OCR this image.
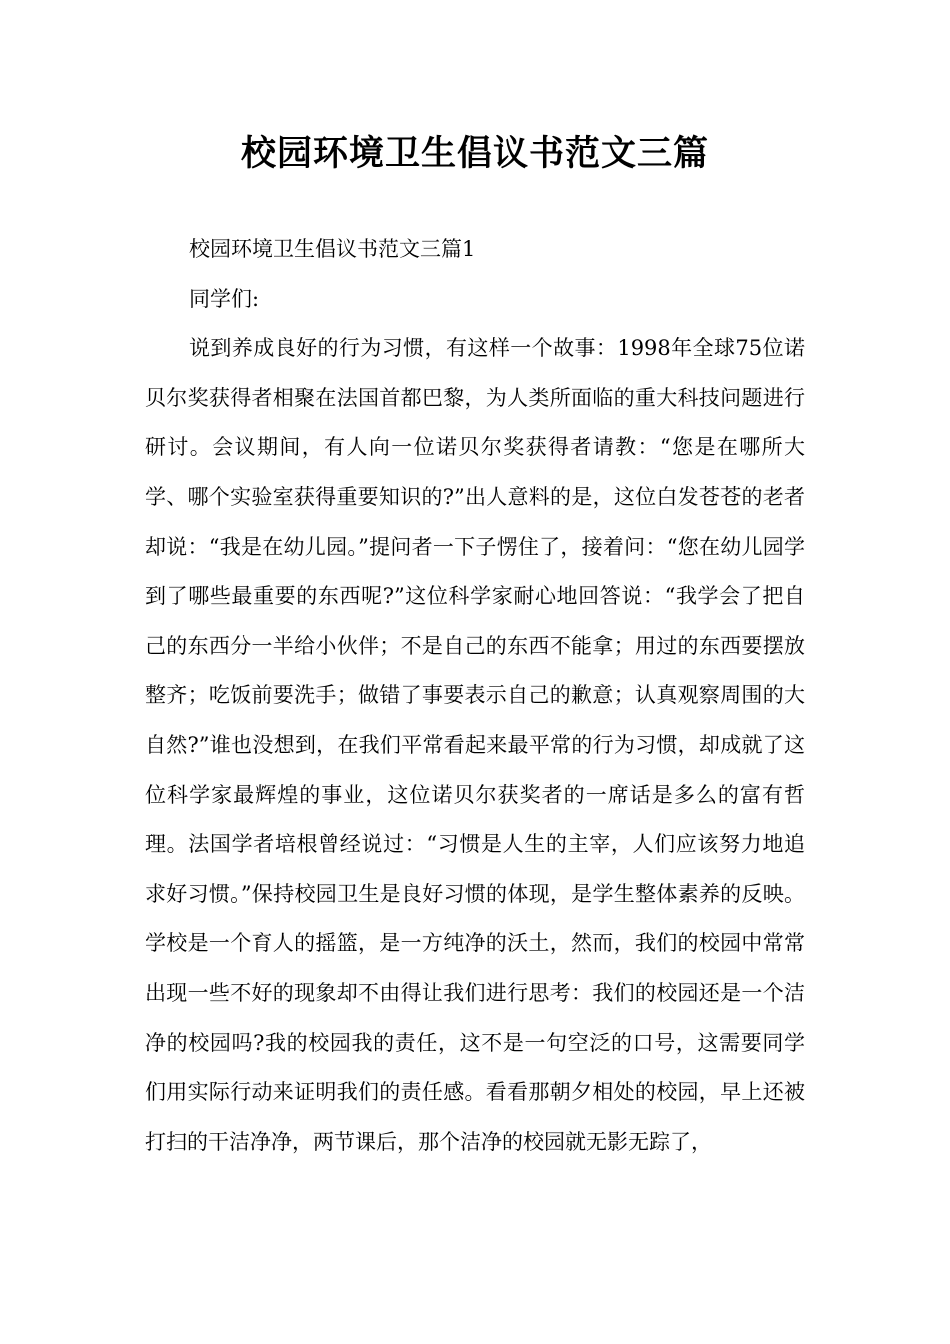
校园环境卫生倡议书范文三篇

校园环境卫生倡议书范文三篇1

同学们:

说到养成良好的行为习惯，有这样一个故事：1998年全球75位诺贝尔奖获得者相聚在法国首都巴黎，为人类所面临的重大科技问题进行研讨。会议期间，有人向一位诺贝尔奖获得者请教：“您是在哪所大学、哪个实验室获得重要知识的?”出人意料的是，这位白发苍苍的老者却说：“我是在幼儿园。”提问者一下子愣住了，接着问：“您在幼儿园学到了哪些最重要的东西呢?”这位科学家耐心地回答说：“我学会了把自己的东西分一半给小伙伴；不是自己的东西不能拿；用过的东西要摆放整齐；吃饭前要洗手；做错了事要表示自己的歉意；认真观察周围的大自然?”谁也没想到，在我们平常看起来最平常的行为习惯，却成就了这位科学家最辉煌的事业，这位诺贝尔获奖者的一席话是多么的富有哲理。法国学者培根曾经说过：“习惯是人生的主宰，人们应该努力地追求好习惯。”保持校园卫生是良好习惯的体现，是学生整体素养的反映。学校是一个育人的摇篮，是一方纯净的沃土，然而，我们的校园中常常出现一些不好的现象却不由得让我们进行思考：我们的校园还是一个洁净的校园吗?我的校园我的责任，这不是一句空泛的口号，这需要同学们用实际行动来证明我们的责任感。看看那朝夕相处的校园，早上还被打扫的干洁净净，两节课后，那个洁净的校园就无影无踪了，
